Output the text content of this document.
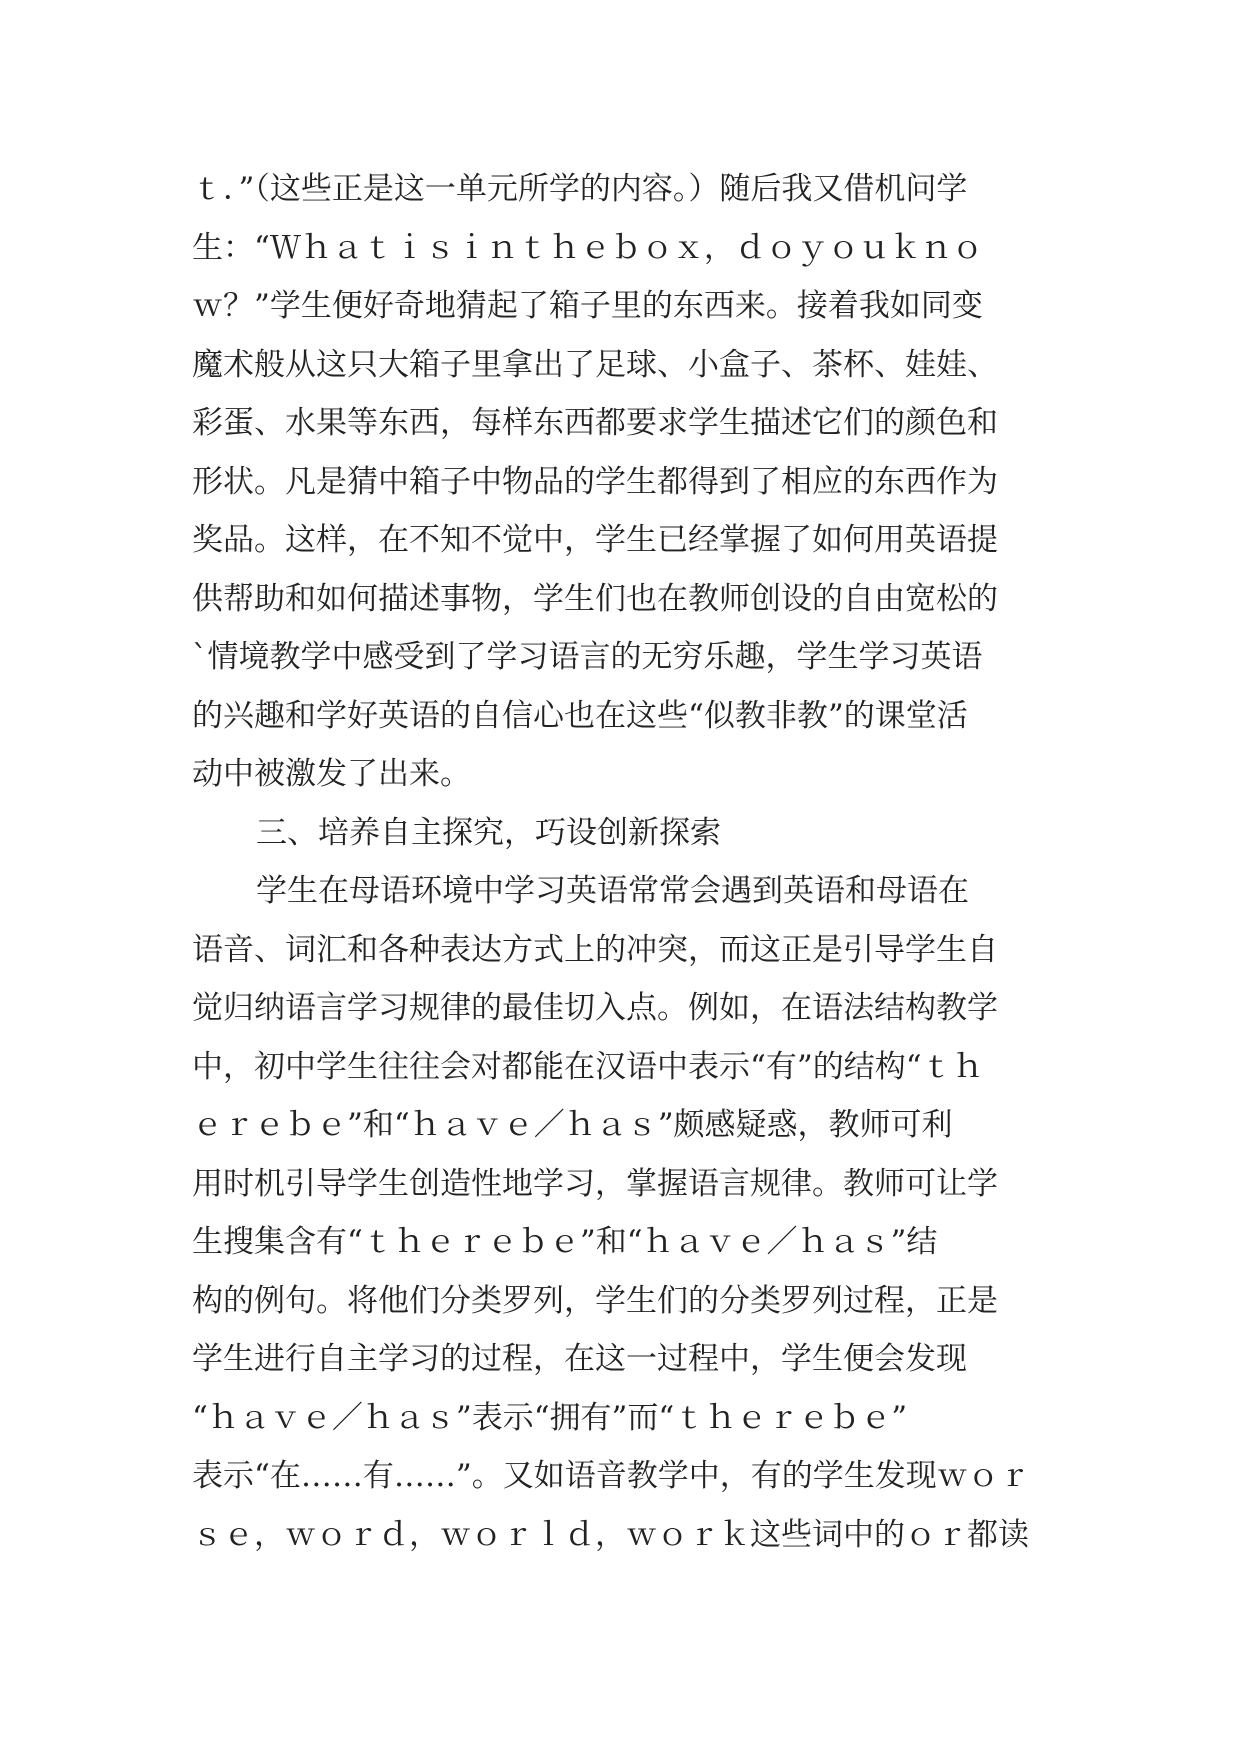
ｔ．”（这些正是这一单元所学的内容。）随后我又借机问学
生：“Ｗｈａｔｉｓｉｎｔｈｅｂｏｘ，ｄｏｙｏｕｋｎｏ
ｗ？”学生便好奇地猜起了箱子里的东西来。接着我如同变
魔术般从这只大箱子里拿出了足球、小盒子、茶杯、娃娃、
彩蛋、水果等东西，每样东西都要求学生描述它们的颜色和
形状。凡是猜中箱子中物品的学生都得到了相应的东西作为
奖品。这样，在不知不觉中，学生已经掌握了如何用英语提
供帮助和如何描述事物，学生们也在教师创设的自由宽松的
`情境教学中感受到了学习语言的无穷乐趣，学生学习英语
的兴趣和学好英语的自信心也在这些“似教非教”的课堂活
动中被激发了出来。
三、培养自主探究，巧设创新探索
学生在母语环境中学习英语常常会遇到英语和母语在
语音、词汇和各种表达方式上的冲突，而这正是引导学生自
觉归纳语言学习规律的最佳切入点。例如，在语法结构教学
中，初中学生往往会对都能在汉语中表示“有”的结构“ｔｈ
ｅｒｅｂｅ”和“ｈａｖｅ／ｈａｓ”颇感疑惑，教师可利
用时机引导学生创造性地学习，掌握语言规律。教师可让学
生搜集含有“ｔｈｅｒｅｂｅ”和“ｈａｖｅ／ｈａｓ”结
构的例句。将他们分类罗列，学生们的分类罗列过程，正是
学生进行自主学习的过程，在这一过程中，学生便会发现
“ｈａｖｅ／ｈａｓ”表示“拥有”而“ｔｈｅｒｅｂｅ”
表示“在……有……”。又如语音教学中，有的学生发现ｗｏｒ
ｓｅ，ｗｏｒｄ，ｗｏｒｌｄ，ｗｏｒｋ这些词中的ｏｒ都读
